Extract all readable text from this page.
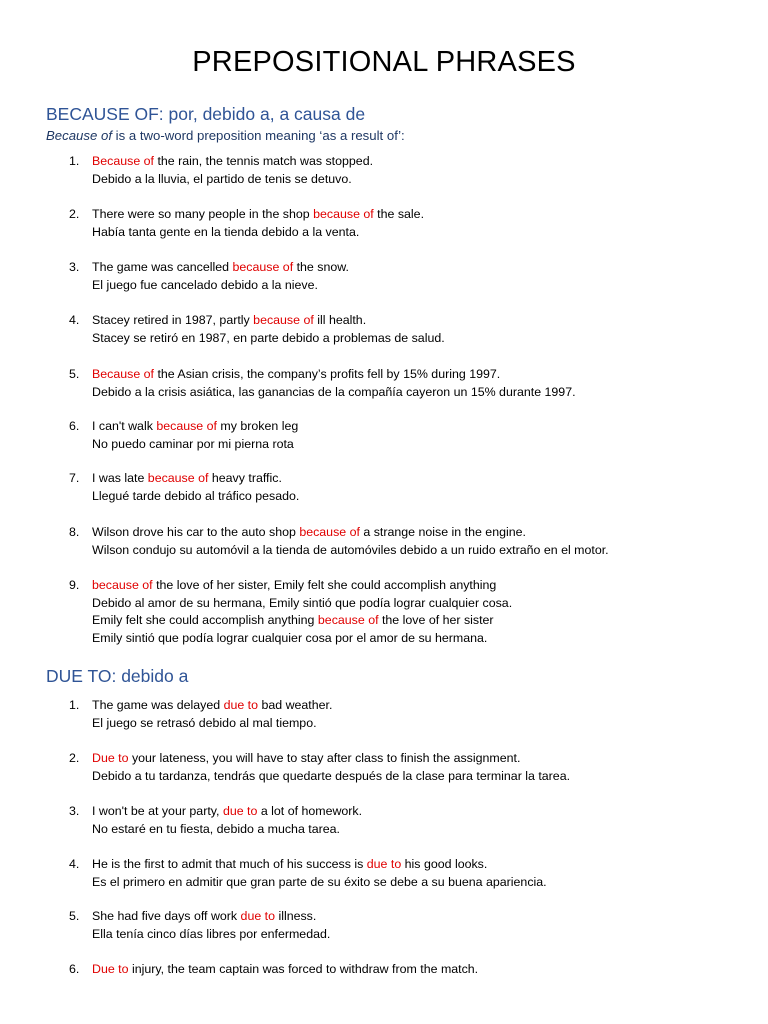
PREPOSITIONAL PHRASES
BECAUSE OF: por, debido a, a causa de
Because of is a two-word preposition meaning ‘as a result of’:
1.	Because of the rain, the tennis match was stopped.
Debido a la lluvia, el partido de tenis se detuvo.
2.	There were so many people in the shop because of the sale.
Había tanta gente en la tienda debido a la venta.
3.	The game was cancelled because of the snow.
El juego fue cancelado debido a la nieve.
4.	Stacey retired in 1987, partly because of ill health.
Stacey se retiró en 1987, en parte debido a problemas de salud.
5.	Because of the Asian crisis, the company’s profits fell by 15% during 1997.
Debido a la crisis asiática, las ganancias de la compañía cayeron un 15% durante 1997.
6.	I can't walk because of my broken leg
No puedo caminar por mi pierna rota
7.	I was late because of heavy traffic.
Llegué tarde debido al tráfico pesado.
8.	Wilson drove his car to the auto shop because of a strange noise in the engine.
Wilson condujo su automóvil a la tienda de automóviles debido a un ruido extraño en el motor.
9.	because of the love of her sister, Emily felt she could accomplish anything
Debido al amor de su hermana, Emily sintió que podía lograr cualquier cosa.
Emily felt she could accomplish anything because of the love of her sister
Emily sintió que podía lograr cualquier cosa por el amor de su hermana.
DUE TO: debido a
1.	The game was delayed due to bad weather.
El juego se retrasó debido al mal tiempo.
2.	Due to your lateness, you will have to stay after class to finish the assignment.
Debido a tu tardanza, tendrás que quedarte después de la clase para terminar la tarea.
3.	I won't be at your party, due to a lot of homework.
No estaré en tu fiesta, debido a mucha tarea.
4.	He is the first to admit that much of his success is due to his good looks.
Es el primero en admitir que gran parte de su éxito se debe a su buena apariencia.
5.	She had five days off work due to illness.
Ella tenía cinco días libres por enfermedad.
6.	Due to injury, the team captain was forced to withdraw from the match.
